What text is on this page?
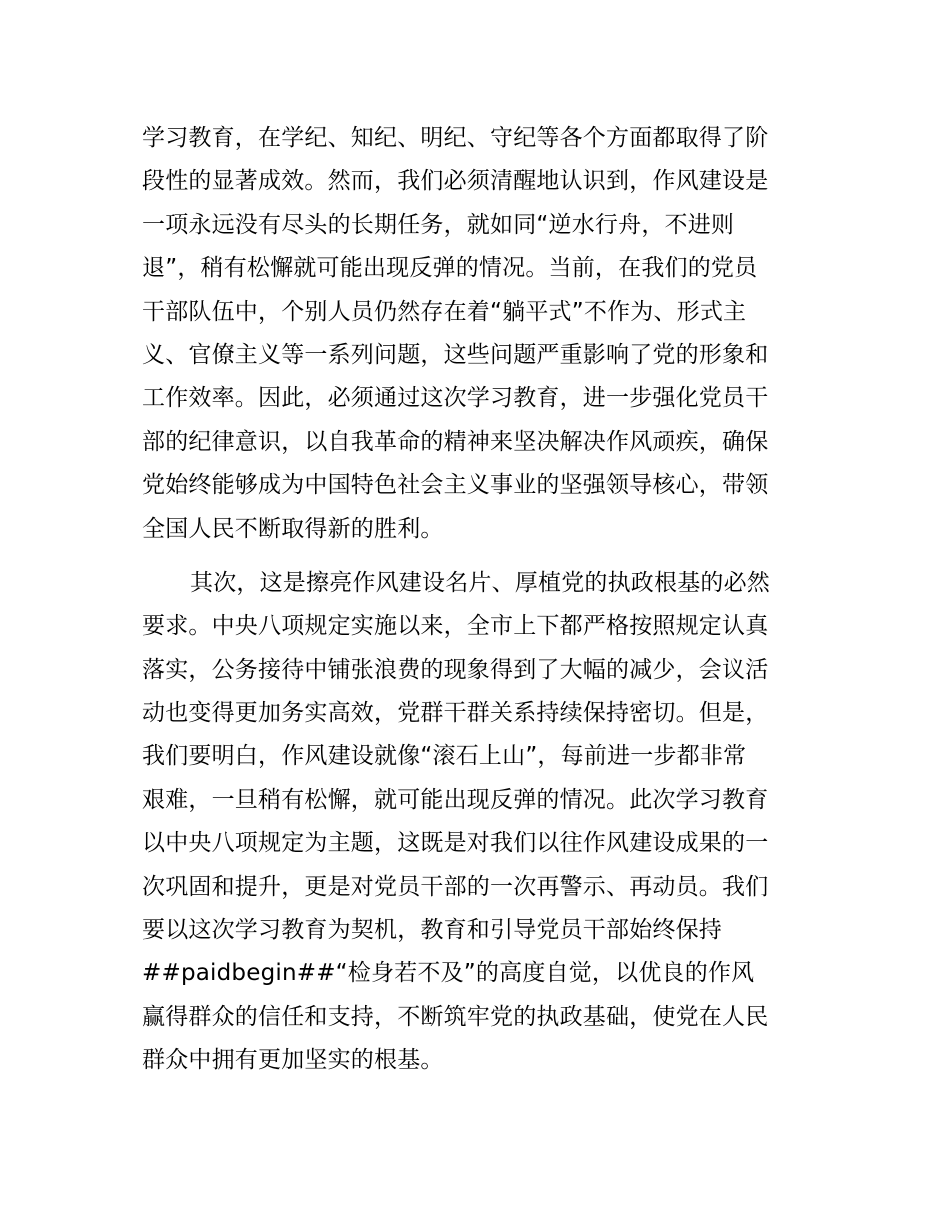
学习教育，在学纪、知纪、明纪、守纪等各个方面都取得了阶
段性的显著成效。然而，我们必须清醒地认识到，作风建设是
一项永远没有尽头的长期任务，就如同“逆水行舟，不进则
退”，稍有松懈就可能出现反弹的情况。当前，在我们的党员
干部队伍中，个别人员仍然存在着“躺平式”不作为、形式主
义、官僚主义等一系列问题，这些问题严重影响了党的形象和
工作效率。因此，必须通过这次学习教育，进一步强化党员干
部的纪律意识，以自我革命的精神来坚决解决作风顽疾，确保
党始终能够成为中国特色社会主义事业的坚强领导核心，带领
全国人民不断取得新的胜利。
其次，这是擦亮作风建设名片、厚植党的执政根基的必然
要求。中央八项规定实施以来，全市上下都严格按照规定认真
落实，公务接待中铺张浪费的现象得到了大幅的减少，会议活
动也变得更加务实高效，党群干群关系持续保持密切。但是，
我们要明白，作风建设就像“滚石上山”，每前进一步都非常
艰难，一旦稍有松懈，就可能出现反弹的情况。此次学习教育
以中央八项规定为主题，这既是对我们以往作风建设成果的一
次巩固和提升，更是对党员干部的一次再警示、再动员。我们
要以这次学习教育为契机，教育和引导党员干部始终保持
##paidbegin##“检身若不及”的高度自觉，以优良的作风
赢得群众的信任和支持，不断筑牢党的执政基础，使党在人民
群众中拥有更加坚实的根基。
